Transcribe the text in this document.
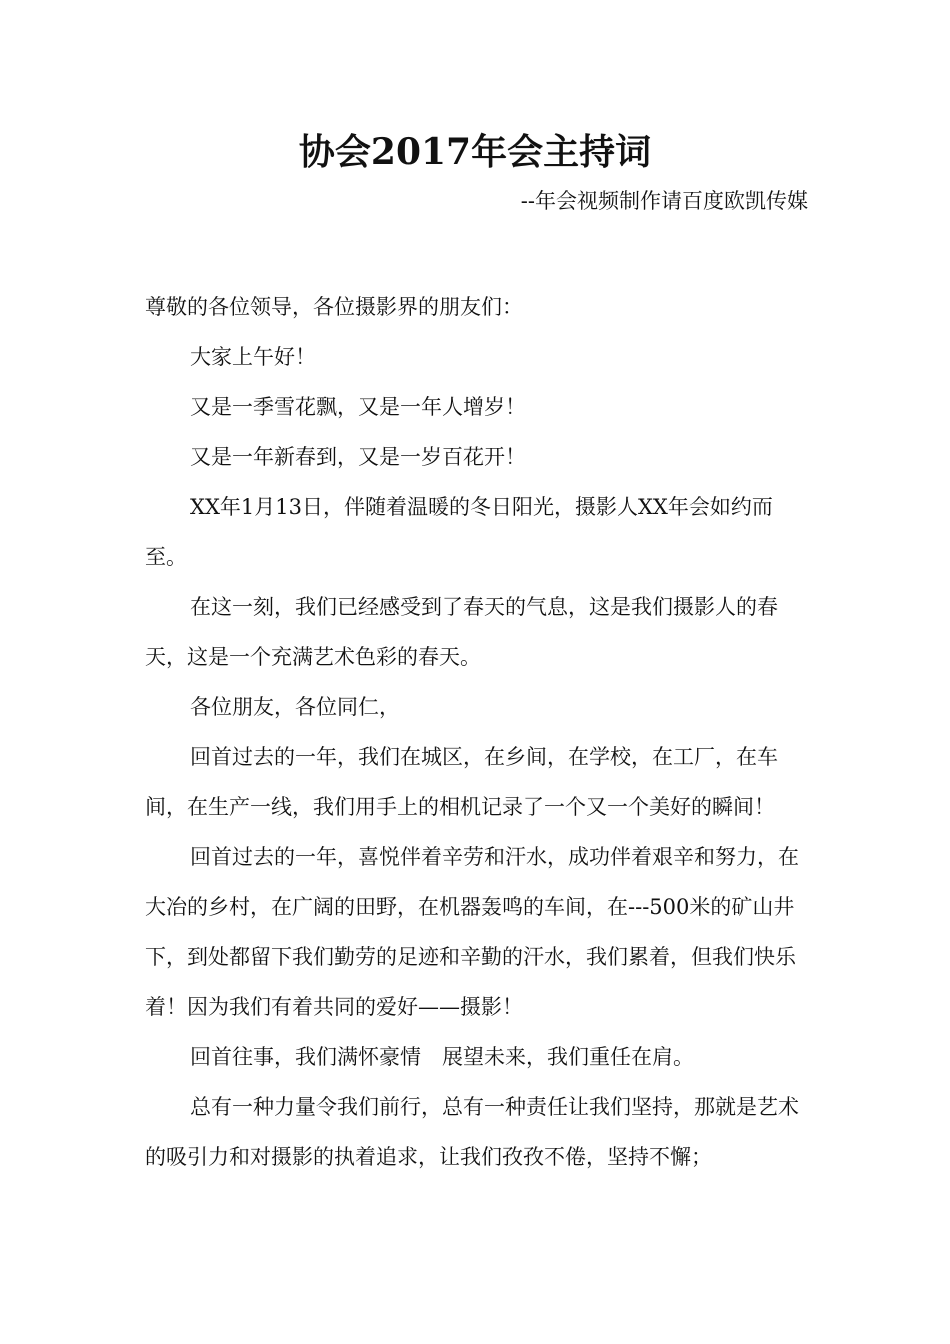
协会2017年会主持词
--年会视频制作请百度欧凯传媒

尊敬的各位领导，各位摄影界的朋友们：

大家上午好！

又是一季雪花飘，又是一年人增岁！

又是一年新春到，又是一岁百花开！

XX年1月13日，伴随着温暖的冬日阳光，摄影人XX年会如约而至。

在这一刻，我们已经感受到了春天的气息，这是我们摄影人的春天，这是一个充满艺术色彩的春天。

各位朋友，各位同仁，

回首过去的一年，我们在城区，在乡间，在学校，在工厂，在车间，在生产一线，我们用手上的相机记录了一个又一个美好的瞬间！

回首过去的一年，喜悦伴着辛劳和汗水，成功伴着艰辛和努力，在大冶的乡村，在广阔的田野，在机器轰鸣的车间，在---500米的矿山井下，到处都留下我们勤劳的足迹和辛勤的汗水，我们累着，但我们快乐着！因为我们有着共同的爱好——摄影！

回首往事，我们满怀豪情　展望未来，我们重任在肩。

总有一种力量令我们前行，总有一种责任让我们坚持，那就是艺术的吸引力和对摄影的执着追求，让我们孜孜不倦，坚持不懈；
